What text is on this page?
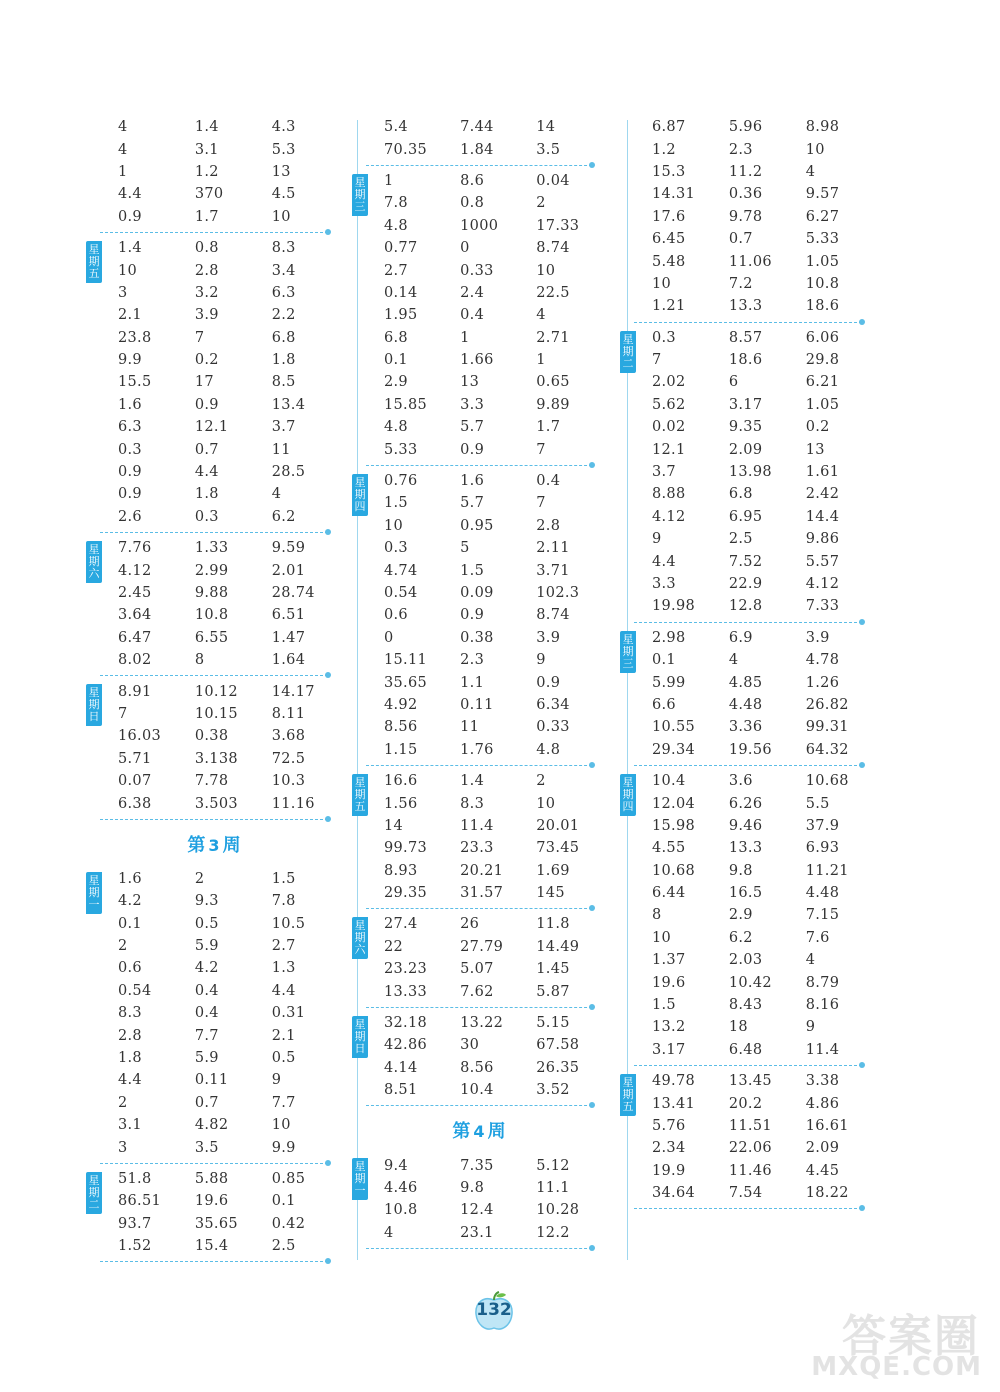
4	1.4	4.3
4	3.1	5.3
1	1.2	13
4.4	370	4.5
0.9	1.7	10
星期五
1.4	0.8	8.3
10	2.8	3.4
3	3.2	6.3
2.1	3.9	2.2
23.8	7	6.8
9.9	0.2	1.8
15.5	17	8.5
1.6	0.9	13.4
6.3	12.1	3.7
0.3	0.7	11
0.9	4.4	28.5
0.9	1.8	4
2.6	0.3	6.2
星期六
7.76	1.33	9.59
4.12	2.99	2.01
2.45	9.88	28.74
3.64	10.8	6.51
6.47	6.55	1.47
8.02	8	1.64
星期日
8.91	10.12	14.17
7	10.15	8.11
16.03	0.38	3.68
5.71	3.138	72.5
0.07	7.78	10.3
6.38	3.503	11.16
第 3 周
星期一
1.6	2	1.5
4.2	9.3	7.8
0.1	0.5	10.5
2	5.9	2.7
0.6	4.2	1.3
0.54	0.4	4.4
8.3	0.4	0.31
2.8	7.7	2.1
1.8	5.9	0.5
4.4	0.11	9
2	0.7	7.7
3.1	4.82	10
3	3.5	9.9
星期二
51.8	5.88	0.85
86.51	19.6	0.1
93.7	35.65	0.42
1.52	15.4	2.5
5.4	7.44	14
70.35	1.84	3.5
星期三
1	8.6	0.04
7.8	0.8	2
4.8	1000	17.33
0.77	0	8.74
2.7	0.33	10
0.14	2.4	22.5
1.95	0.4	4
6.8	1	2.71
0.1	1.66	1
2.9	13	0.65
15.85	3.3	9.89
4.8	5.7	1.7
5.33	0.9	7
星期四
0.76	1.6	0.4
1.5	5.7	7
10	0.95	2.8
0.3	5	2.11
4.74	1.5	3.71
0.54	0.09	102.3
0.6	0.9	8.74
0	0.38	3.9
15.11	2.3	9
35.65	1.1	0.9
4.92	0.11	6.34
8.56	11	0.33
1.15	1.76	4.8
星期五
16.6	1.4	2
1.56	8.3	10
14	11.4	20.01
99.73	23.3	73.45
8.93	20.21	1.69
29.35	31.57	145
星期六
27.4	26	11.8
22	27.79	14.49
23.23	5.07	1.45
13.33	7.62	5.87
星期日
32.18	13.22	5.15
42.86	30	67.58
4.14	8.56	26.35
8.51	10.4	3.52
第 4 周
星期一
9.4	7.35	5.12
4.46	9.8	11.1
10.8	12.4	10.28
4	23.1	12.2
6.87	5.96	8.98
1.2	2.3	10
15.3	11.2	4
14.31	0.36	9.57
17.6	9.78	6.27
6.45	0.7	5.33
5.48	11.06	1.05
10	7.2	10.8
1.21	13.3	18.6
星期二
0.3	8.57	6.06
7	18.6	29.8
2.02	6	6.21
5.62	3.17	1.05
0.02	9.35	0.2
12.1	2.09	13
3.7	13.98	1.61
8.88	6.8	2.42
4.12	6.95	14.4
9	2.5	9.86
4.4	7.52	5.57
3.3	22.9	4.12
19.98	12.8	7.33
星期三
2.98	6.9	3.9
0.1	4	4.78
5.99	4.85	1.26
6.6	4.48	26.82
10.55	3.36	99.31
29.34	19.56	64.32
星期四
10.4	3.6	10.68
12.04	6.26	5.5
15.98	9.46	37.9
4.55	13.3	6.93
10.68	9.8	11.21
6.44	16.5	4.48
8	2.9	7.15
10	6.2	7.6
1.37	2.03	4
19.6	10.42	8.79
1.5	8.43	8.16
13.2	18	9
3.17	6.48	11.4
星期五
49.78	13.45	3.38
13.41	20.2	4.86
5.76	11.51	16.61
2.34	22.06	2.09
19.9	11.46	4.45
34.64	7.54	18.22
132
答案圈
MXQE.COM
